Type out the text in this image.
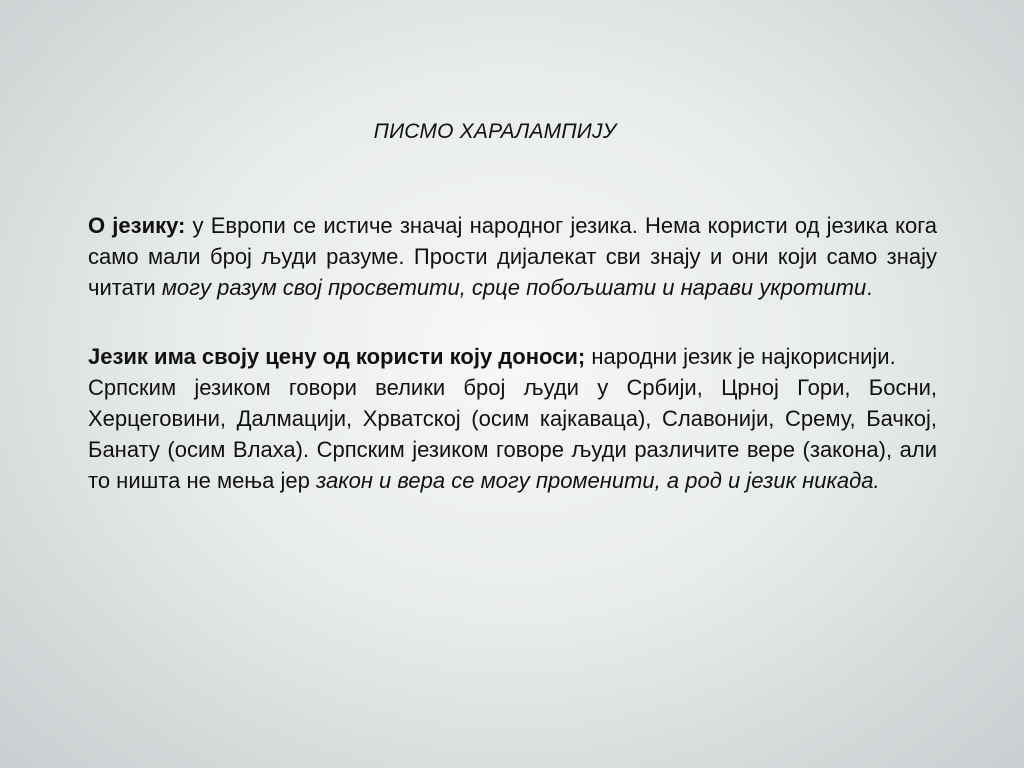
ПИСМО ХАРАЛАМПИЈУ

О језику: у Европи се истиче значај народног језика. Нема користи од језика кога само мали број људи разуме. Прости дијалекат сви знају и они који само знају читати могу разум свој просветити, срце побољшати и нарави укротити.

Језик има своју цену од користи коју доноси; народни језик је најкориснији.

Српским језиком говори велики број људи у Србији, Црној Гори, Босни, Херцеговини, Далмацији, Хрватској (осим кајкаваца), Славонији, Срему, Бачкој, Банату (осим Влаха). Српским језиком говоре људи различите вере (закона), али то ништа не мења јер закон и вера се могу променити, а род и језик никада.
